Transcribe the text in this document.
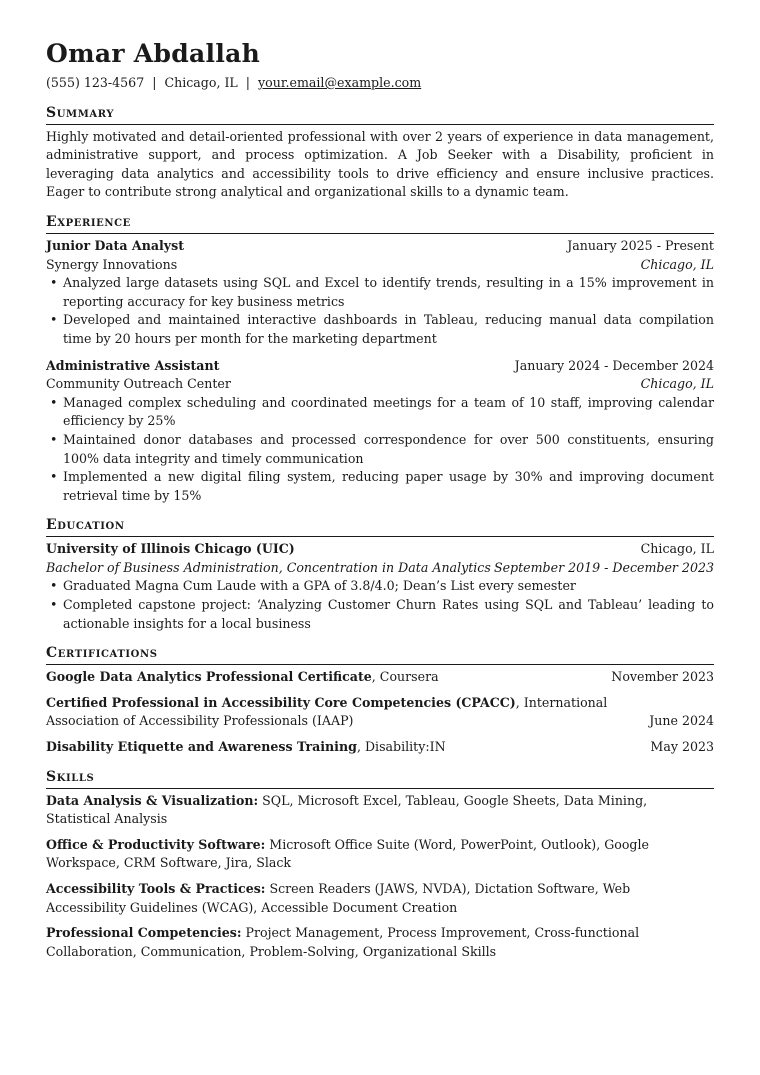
Omar Abdallah
(555) 123-4567 | Chicago, IL | your.email@example.com
Summary
Highly motivated and detail-oriented professional with over 2 years of experience in data management, administrative support, and process optimization. A Job Seeker with a Disability, proficient in leveraging data analytics and accessibility tools to drive efficiency and ensure inclusive practices. Eager to contribute strong analytical and organizational skills to a dynamic team.
Experience
Junior Data Analyst	January 2025 - Present
Synergy Innovations	Chicago, IL
• Analyzed large datasets using SQL and Excel to identify trends, resulting in a 15% improvement in reporting accuracy for key business metrics
• Developed and maintained interactive dashboards in Tableau, reducing manual data compilation time by 20 hours per month for the marketing department
Administrative Assistant	January 2024 - December 2024
Community Outreach Center	Chicago, IL
• Managed complex scheduling and coordinated meetings for a team of 10 staff, improving calendar efficiency by 25%
• Maintained donor databases and processed correspondence for over 500 constituents, ensuring 100% data integrity and timely communication
• Implemented a new digital filing system, reducing paper usage by 30% and improving document retrieval time by 15%
Education
University of Illinois Chicago (UIC)	Chicago, IL
Bachelor of Business Administration, Concentration in Data Analytics September 2019 - December 2023
• Graduated Magna Cum Laude with a GPA of 3.8/4.0; Dean’s List every semester
• Completed capstone project: ‘Analyzing Customer Churn Rates using SQL and Tableau’ leading to actionable insights for a local business
Certifications
Google Data Analytics Professional Certificate, Coursera	November 2023
Certified Professional in Accessibility Core Competencies (CPACC), International Association of Accessibility Professionals (IAAP)	June 2024
Disability Etiquette and Awareness Training, Disability:IN	May 2023
Skills
Data Analysis & Visualization: SQL, Microsoft Excel, Tableau, Google Sheets, Data Mining, Statistical Analysis
Office & Productivity Software: Microsoft Office Suite (Word, PowerPoint, Outlook), Google Workspace, CRM Software, Jira, Slack
Accessibility Tools & Practices: Screen Readers (JAWS, NVDA), Dictation Software, Web Accessibility Guidelines (WCAG), Accessible Document Creation
Professional Competencies: Project Management, Process Improvement, Cross-functional Collaboration, Communication, Problem-Solving, Organizational Skills
